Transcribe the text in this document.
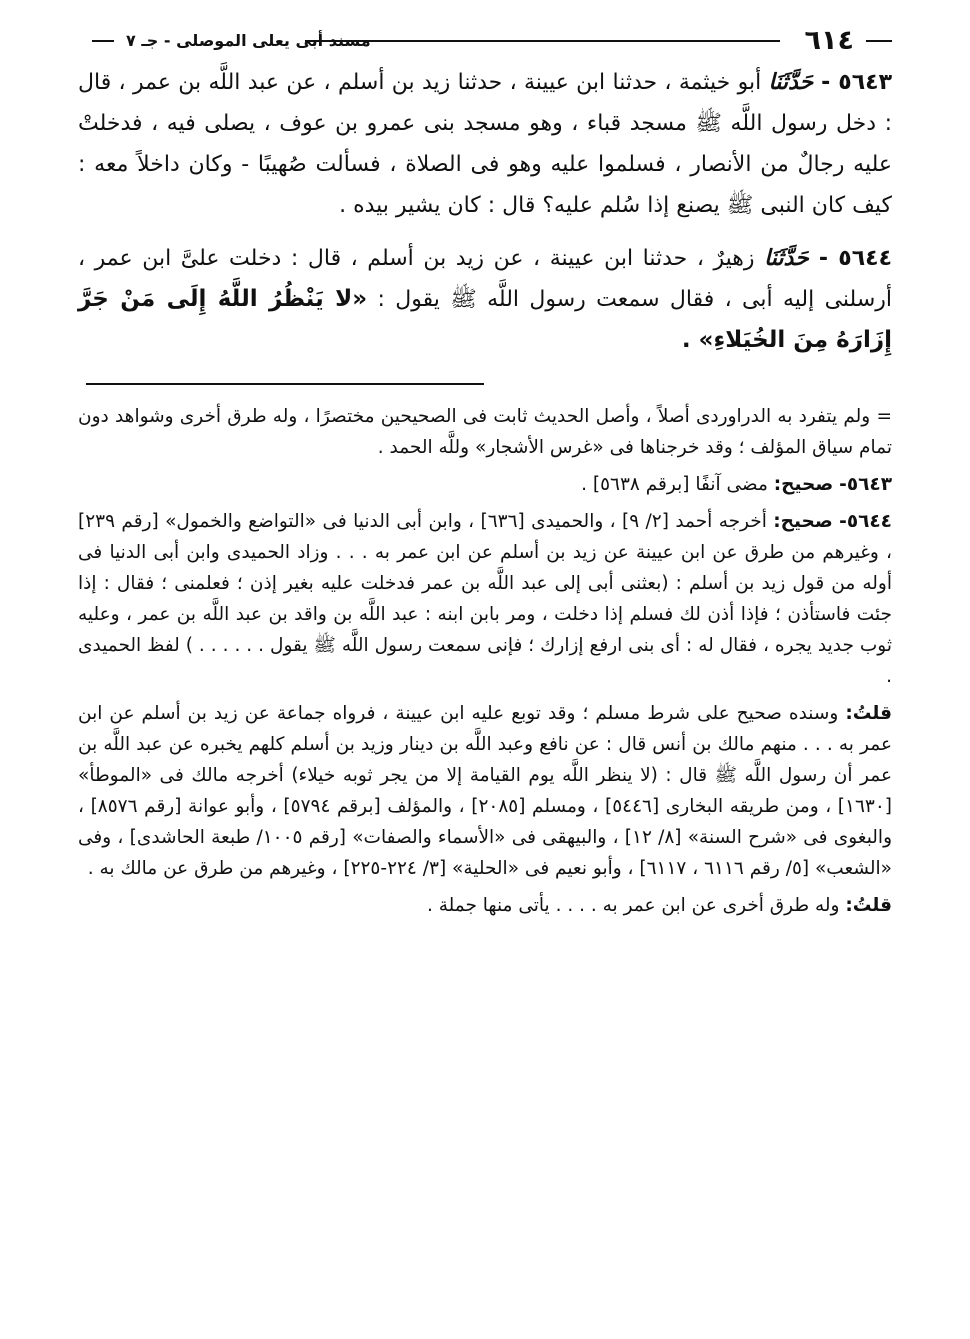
٦١٤
مسند أبى يعلى الموصلى - جـ ٧

٥٦٤٣ - حَدَّثَنَا أبو خيثمة ، حدثنا ابن عيينة ، حدثنا زيد بن أسلم ، عن عبد اللَّه بن عمر ، قال : دخل رسول اللَّه ﷺ مسجد قباء ، وهو مسجد بنى عمرو بن عوف ، يصلى فيه ، فدخلتْ عليه رجالٌ من الأنصار ، فسلموا عليه وهو فى الصلاة ، فسألت صُهيبًا - وكان داخلاً معه : كيف كان النبى ﷺ يصنع إذا سُلم عليه؟ قال : كان يشير بيده .

٥٦٤٤ - حَدَّثَنَا زهيرٌ ، حدثنا ابن عيينة ، عن زيد بن أسلم ، قال : دخلت علىَّ ابن عمر ، أرسلنى إليه أبى ، فقال سمعت رسول اللَّه ﷺ يقول : «لا يَنْظُرُ اللَّهُ إِلَى مَنْ جَرَّ إِزَارَهُ مِنَ الخُيَلاءِ» .

= ولم يتفرد به الدراوردى أصلاً ، وأصل الحديث ثابت فى الصحيحين مختصرًا ، وله طرق أخرى وشواهد دون تمام سياق المؤلف ؛ وقد خرجناها فى «غرس الأشجار» وللَّه الحمد .

٥٦٤٣- صحيح: مضى آنفًا [برقم ٥٦٣٨] .

٥٦٤٤- صحيح: أخرجه أحمد [٢/ ٩] ، والحميدى [٦٣٦] ، وابن أبى الدنيا فى «التواضع والخمول» [رقم ٢٣٩] ، وغيرهم من طرق عن ابن عيينة عن زيد بن أسلم عن ابن عمر به . . . وزاد الحميدى وابن أبى الدنيا فى أوله من قول زيد بن أسلم : (بعثنى أبى إلى عبد اللَّه بن عمر فدخلت عليه بغير إذن ؛ فعلمنى ؛ فقال : إذا جئت فاستأذن ؛ فإذا أذن لك فسلم إذا دخلت ، ومر بابن ابنه : عبد اللَّه بن واقد بن عبد اللَّه بن عمر ، وعليه ثوب جديد يجره ، فقال له : أى بنى ارفع إزارك ؛ فإنى سمعت رسول اللَّه ﷺ يقول . . . . . . ) لفظ الحميدى .

قلتُ: وسنده صحيح على شرط مسلم ؛ وقد توبع عليه ابن عيينة ، فرواه جماعة عن زيد بن أسلم عن ابن عمر به . . . منهم مالك بن أنس قال : عن نافع وعبد اللَّه بن دينار وزيد بن أسلم كلهم يخبره عن عبد اللَّه بن عمر أن رسول اللَّه ﷺ قال : (لا ينظر اللَّه يوم القيامة إلا من يجر ثوبه خيلاء) أخرجه مالك فى «الموطأ» [١٦٣٠] ، ومن طريقه البخارى [٥٤٤٦] ، ومسلم [٢٠٨٥] ، والمؤلف [برقم ٥٧٩٤] ، وأبو عوانة [رقم ٨٥٧٦] ، والبغوى فى «شرح السنة» [٨/ ١٢] ، والبيهقى فى «الأسماء والصفات» [رقم ١٠٠٥/ طبعة الحاشدى] ، وفى «الشعب» [٥/ رقم ٦١١٦ ، ٦١١٧] ، وأبو نعيم فى «الحلية» [٣/ ٢٢٤-٢٢٥] ، وغيرهم من طرق عن مالك به .

قلتُ: وله طرق أخرى عن ابن عمر به . . . . يأتى منها جملة .
